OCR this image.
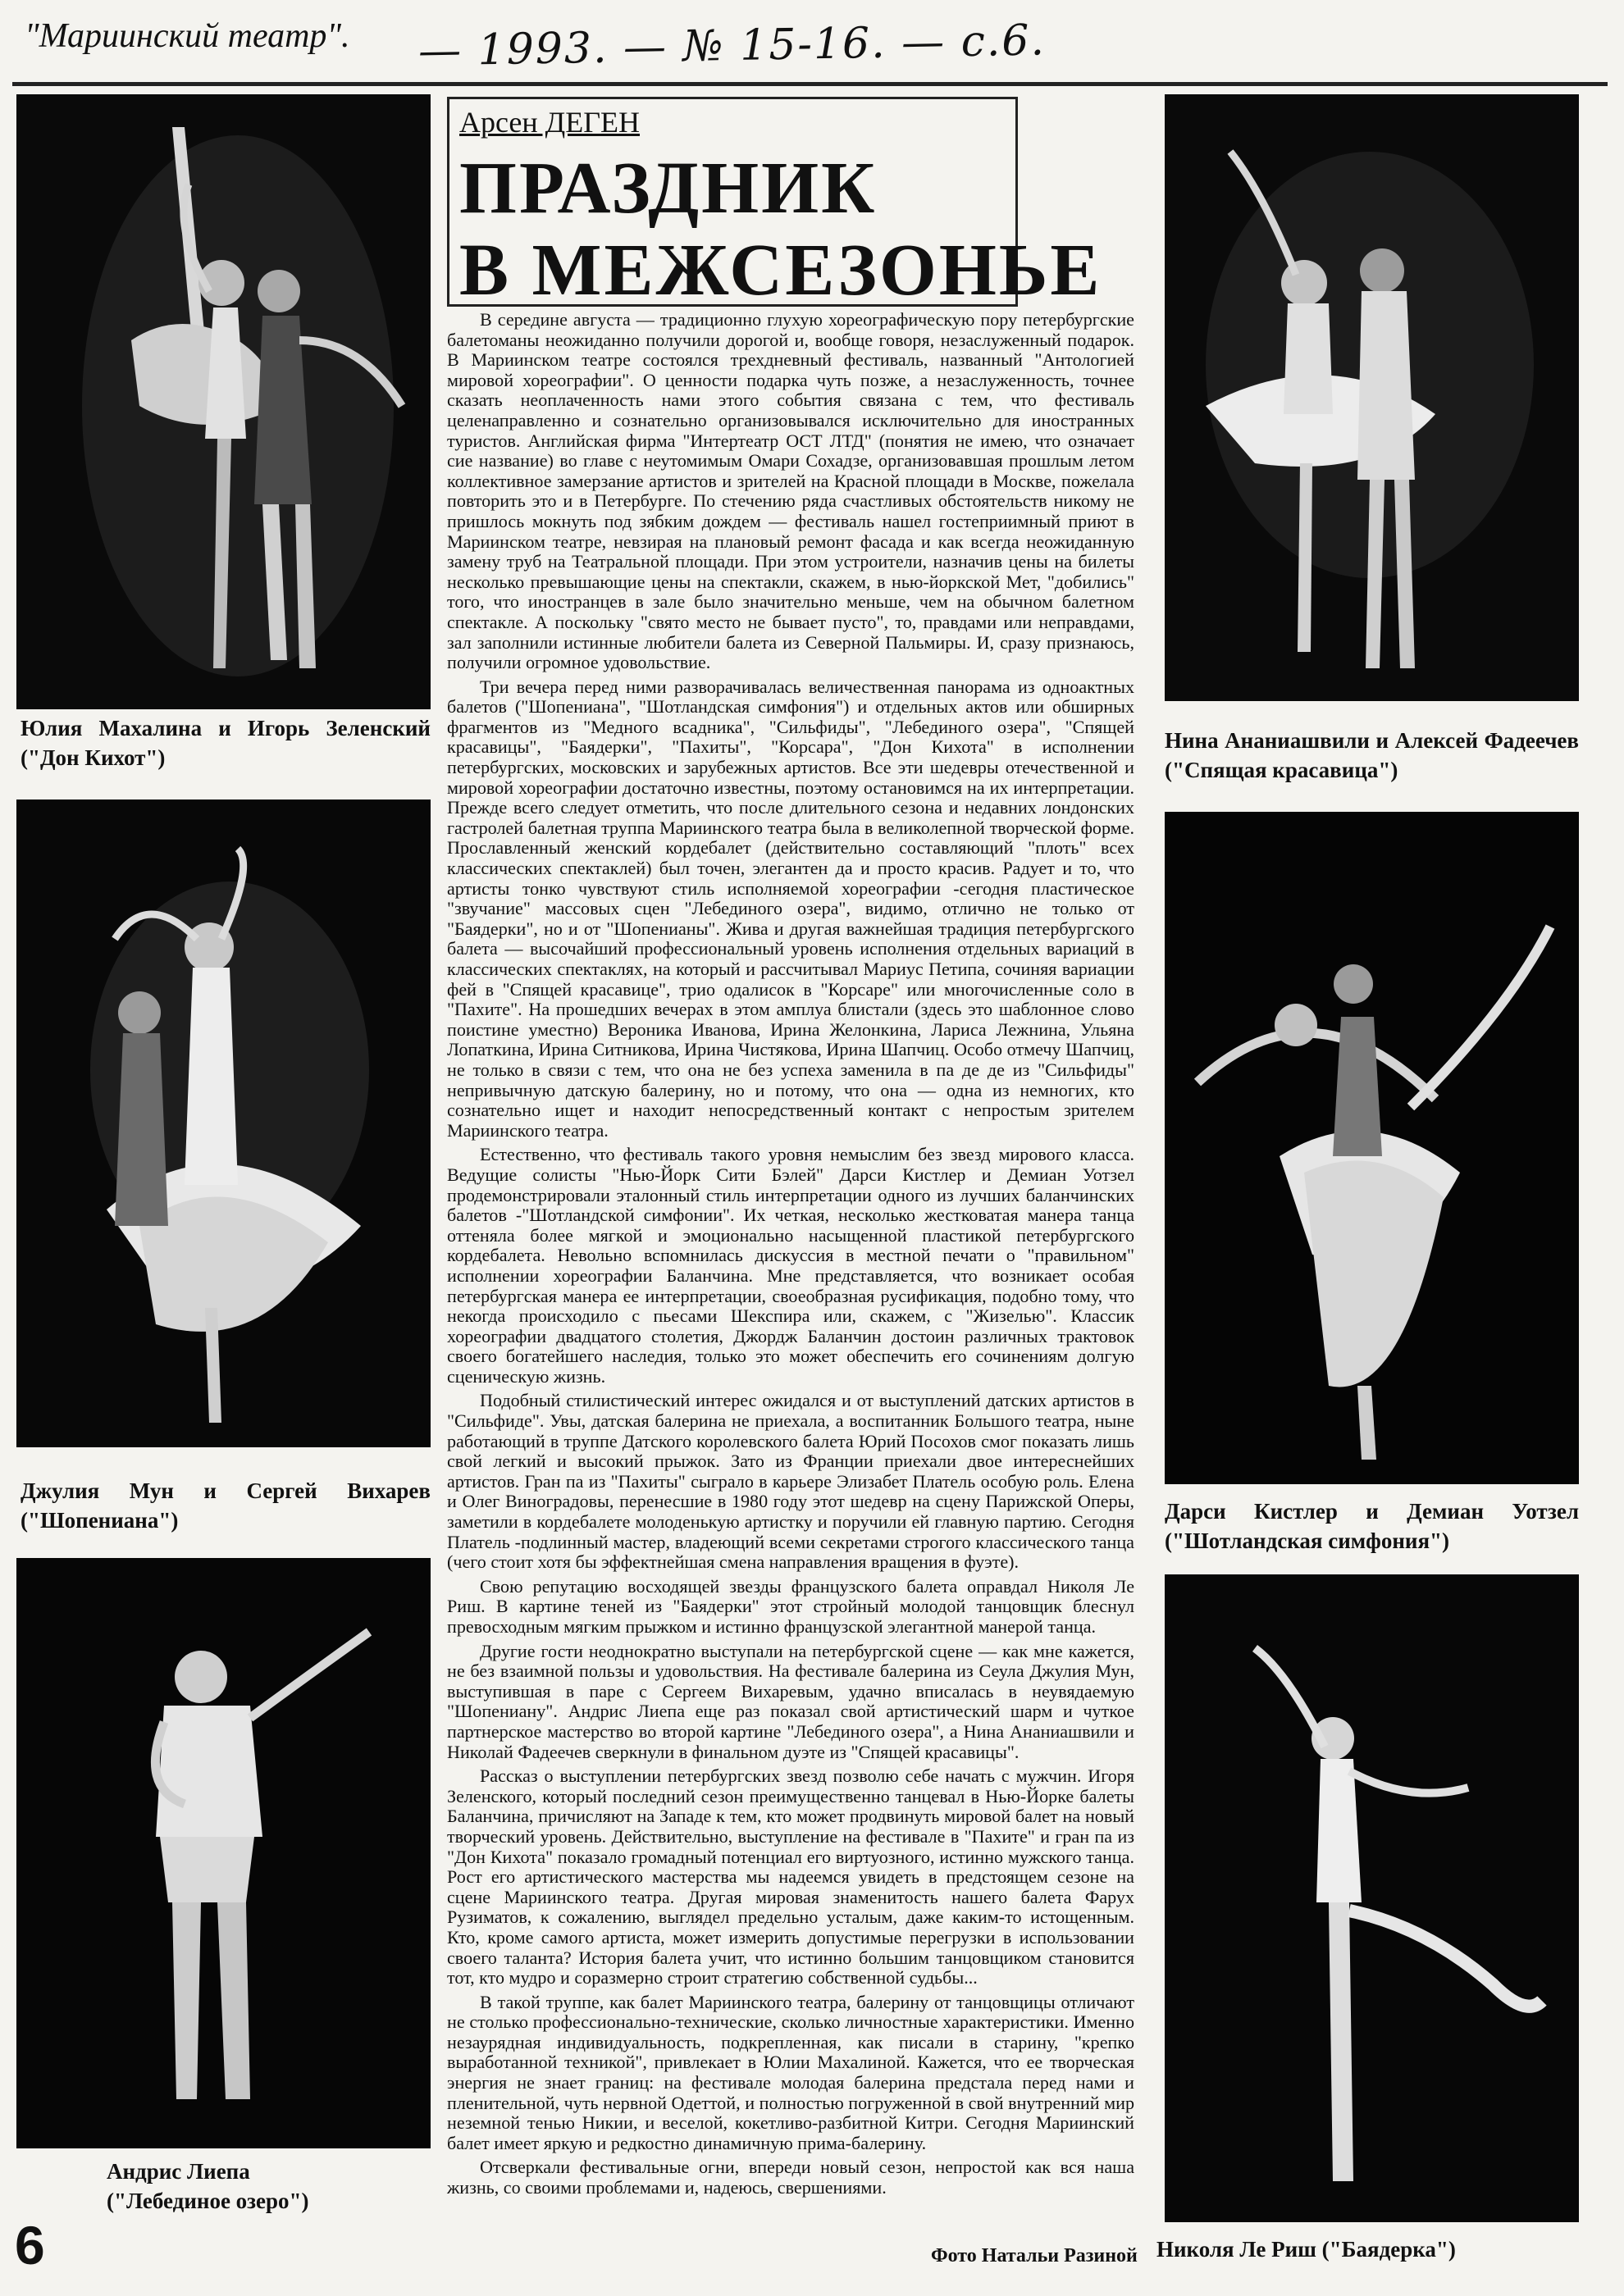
"Мариинский театр". — 1993. — № 15-16. — с.6.
Юлия Махалина и Игорь Зеленский ("Дон Кихот")
Джулия Мун и Сергей Вихарев ("Шопениана")
Андрис Лиепа
("Лебединое озеро")
Арсен ДЕГЕН
ПРАЗДНИК
В МЕЖСЕЗОНЬЕ

В середине августа — традиционно глухую хореографическую пору петербургские балетоманы неожиданно получили дорогой и, вообще говоря, незаслуженный подарок. В Мариинском театре состоялся трехдневный фестиваль, названный "Антологией мировой хореографии". О ценности подарка чуть позже, а незаслуженность, точнее сказать неоплаченность нами этого события связана с тем, что фестиваль целенаправленно и сознательно организовывался исключительно для иностранных туристов. Английская фирма "Интертеатр ОСТ ЛТД" (понятия не имею, что означает сие название) во главе с неутомимым Омари Сохадзе, организовавшая прошлым летом коллективное замерзание артистов и зрителей на Красной площади в Москве, пожелала повторить это и в Петербурге. По стечению ряда счастливых обстоятельств никому не пришлось мокнуть под зябким дождем — фестиваль нашел гостеприимный приют в Мариинском театре, невзирая на плановый ремонт фасада и как всегда неожиданную замену труб на Театральной площади. При этом устроители, назначив цены на билеты несколько превышающие цены на спектакли, скажем, в нью-йоркской Мет, "добились" того, что иностранцев в зале было значительно меньше, чем на обычном балетном спектакле. А поскольку "свято место не бывает пусто", то, правдами или неправдами, зал заполнили истинные любители балета из Северной Пальмиры. И, сразу признаюсь, получили огромное удовольствие.

Три вечера перед ними разворачивалась величественная панорама из одноактных балетов ("Шопениана", "Шотландская симфония") и отдельных актов или обширных фрагментов из "Медного всадника", "Сильфиды", "Лебединого озера", "Спящей красавицы", "Баядерки", "Пахиты", "Корсара", "Дон Кихота" в исполнении петербургских, московских и зарубежных артистов. Все эти шедевры отечественной и мировой хореографии достаточно известны, поэтому остановимся на их интерпретации. Прежде всего следует отметить, что после длительного сезона и недавних лондонских гастролей балетная труппа Мариинского театра была в великолепной творческой форме. Прославленный женский кордебалет (действительно составляющий "плоть" всех классических спектаклей) был точен, элегантен да и просто красив. Радует и то, что артисты тонко чувствуют стиль исполняемой хореографии -сегодня пластическое "звучание" массовых сцен "Лебединого озера", видимо, отлично не только от "Баядерки", но и от "Шопенианы". Жива и другая важнейшая традиция петербургского балета — высочайший профессиональный уровень исполнения отдельных вариаций в классических спектаклях, на который и рассчитывал Мариус Петипа, сочиняя вариации фей в "Спящей красавице", трио одалисок в "Корсаре" или многочисленные соло в "Пахите". На прошедших вечерах в этом амплуа блистали (здесь это шаблонное слово поистине уместно) Вероника Иванова, Ирина Желонкина, Лариса Лежнина, Ульяна Лопаткина, Ирина Ситникова, Ирина Чистякова, Ирина Шапчиц. Особо отмечу Шапчиц, не только в связи с тем, что она не без успеха заменила в па де де из "Сильфиды" непривычную датскую балерину, но и потому, что она — одна из немногих, кто сознательно ищет и находит непосредственный контакт с непростым зрителем Мариинского театра.

Естественно, что фестиваль такого уровня немыслим без звезд мирового класса. Ведущие солисты "Нью-Йорк Сити Бэлей" Дарси Кистлер и Демиан Уотзел продемонстрировали эталонный стиль интерпретации одного из лучших баланчинских балетов -"Шотландской симфонии". Их четкая, несколько жестковатая манера танца оттеняла более мягкой и эмоционально насыщенной пластикой петербургского кордебалета. Невольно вспомнилась дискуссия в местной печати о "правильном" исполнении хореографии Баланчина. Мне представляется, что возникает особая петербургская манера ее интерпретации, своеобразная русификация, подобно тому, что некогда происходило с пьесами Шекспира или, скажем, с "Жизелью". Классик хореографии двадцатого столетия, Джордж Баланчин достоин различных трактовок своего богатейшего наследия, только это может обеспечить его сочинениям долгую сценическую жизнь.

Подобный стилистический интерес ожидался и от выступлений датских артистов в "Сильфиде". Увы, датская балерина не приехала, а воспитанник Большого театра, ныне работающий в труппе Датского королевского балета Юрий Посохов смог показать лишь свой легкий и высокий прыжок. Зато из Франции приехали двое интереснейших артистов. Гран па из "Пахиты" сыграло в карьере Элизабет Платель особую роль. Елена и Олег Виноградовы, перенесшие в 1980 году этот шедевр на сцену Парижской Оперы, заметили в кордебалете молоденькую артистку и поручили ей главную партию. Сегодня Платель -подлинный мастер, владеющий всеми секретами строгого классического танца (чего стоит хотя бы эффектнейшая смена направления вращения в фуэте).

Свою репутацию восходящей звезды французского балета оправдал Николя Ле Риш. В картине теней из "Баядерки" этот стройный молодой танцовщик блеснул превосходным мягким прыжком и истинно французской элегантной манерой танца.

Другие гости неоднократно выступали на петербургской сцене — как мне кажется, не без взаимной пользы и удовольствия. На фестивале балерина из Сеула Джулия Мун, выступившая в паре с Сергеем Вихаревым, удачно вписалась в неувядаемую "Шопениану". Андрис Лиепа еще раз показал свой артистический шарм и чуткое партнерское мастерство во второй картине "Лебединого озера", а Нина Ананиашвили и Николай Фадеечев сверкнули в финальном дуэте из "Спящей красавицы".

Рассказ о выступлении петербургских звезд позволю себе начать с мужчин. Игоря Зеленского, который последний сезон преимущественно танцевал в Нью-Йорке балеты Баланчина, причисляют на Западе к тем, кто может продвинуть мировой балет на новый творческий уровень. Действительно, выступление на фестивале в "Пахите" и гран па из "Дон Кихота" показало громадный потенциал его виртуозного, истинно мужского танца. Рост его артистического мастерства мы надеемся увидеть в предстоящем сезоне на сцене Мариинского театра. Другая мировая знаменитость нашего балета Фарух Рузиматов, к сожалению, выглядел предельно усталым, даже каким-то истощенным. Кто, кроме самого артиста, может измерить допустимые перегрузки в использовании своего таланта? История балета учит, что истинно большим танцовщиком становится тот, кто мудро и соразмерно строит стратегию собственной судьбы...

В такой труппе, как балет Мариинского театра, балерину от танцовщицы отличают не столько профессионально-технические, сколько личностные характеристики. Именно незаурядная индивидуальность, подкрепленная, как писали в старину, "крепко выработанной техникой", привлекает в Юлии Махалиной. Кажется, что ее творческая энергия не знает границ: на фестивале молодая балерина предстала перед нами и пленительной, чуть нервной Одеттой, и полностью погруженной в свой внутренний мир неземной тенью Никии, и веселой, кокетливо-разбитной Китри. Сегодня Мариинский балет имеет яркую и редкостно динамичную прима-балерину.

Отсверкали фестивальные огни, впереди новый сезон, непростой как вся наша жизнь, со своими проблемами и, надеюсь, свершениями.

Нина Ананиашвили и Алексей Фадеечев ("Спящая красавица")
Дарси Кистлер и Демиан Уотзел ("Шотландская симфония")
Николя Ле Риш ("Баядерка")
6	Фото Натальи Разиной
